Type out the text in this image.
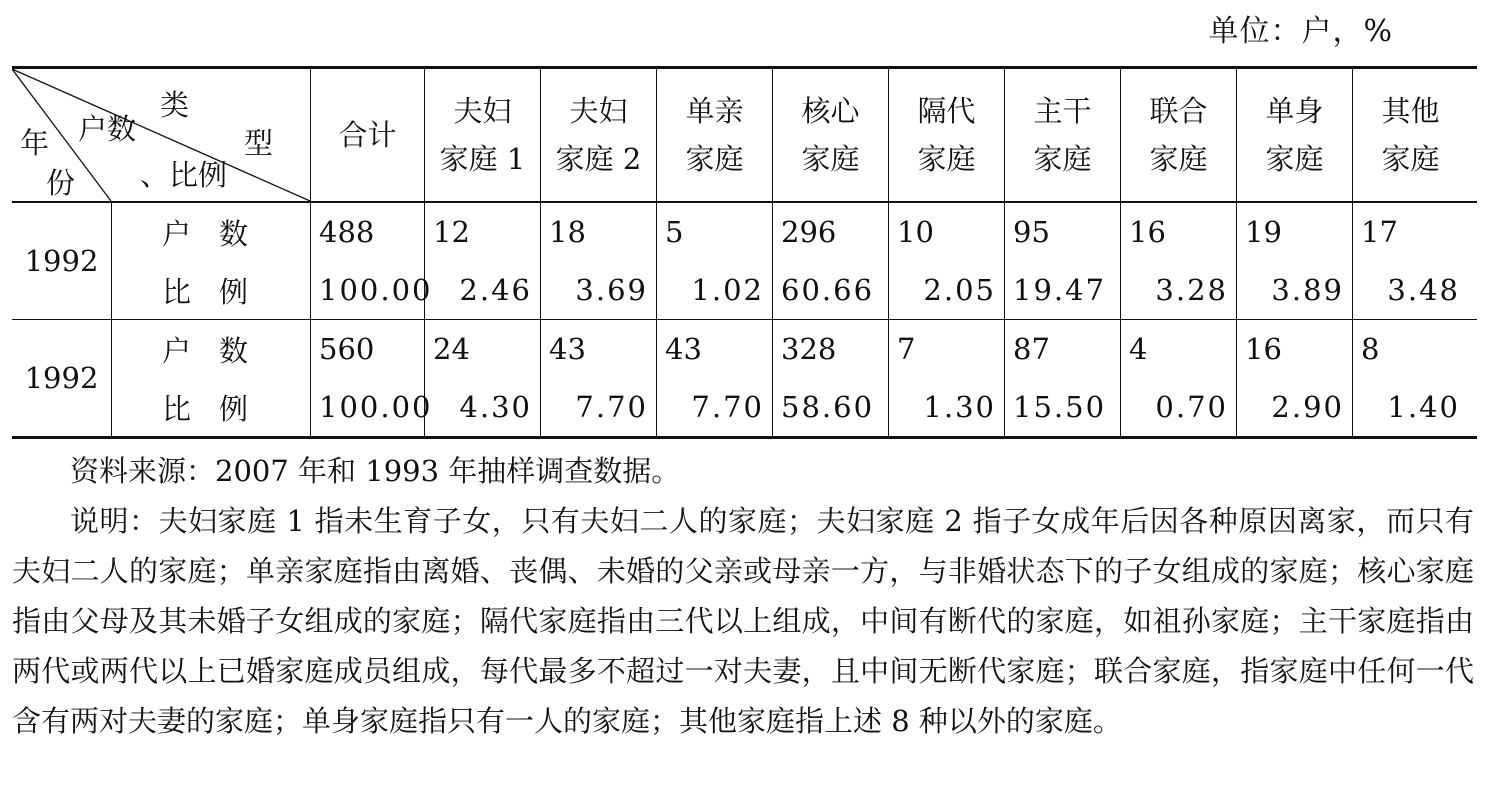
单位：户，%
类
型
户数
、比例
年
份
合计
夫妇
家庭 1
夫妇
家庭 2
单亲
家庭
核心
家庭
隔代
家庭
主干
家庭
联合
家庭
单身
家庭
其他
家庭
1992
户数
比例
488
100.00
12
2.46
18
3.69
5
1.02
296
60.66
10
2.05
95
19.47
16
3.28
19
3.89
17
3.48
1992
户数
比例
560
100.00
24
4.30
43
7.70
43
7.70
328
58.60
7
1.30
87
15.50
4
0.70
16
2.90
8
1.40

资料来源：2007 年和 1993 年抽样调查数据。

说明：夫妇家庭 1 指未生育子女，只有夫妇二人的家庭；夫妇家庭 2 指子女成年后因各种原因离家，而只有夫妇二人的家庭；单亲家庭指由离婚、丧偶、未婚的父亲或母亲一方，与非婚状态下的子女组成的家庭；核心家庭指由父母及其未婚子女组成的家庭；隔代家庭指由三代以上组成，中间有断代的家庭，如祖孙家庭；主干家庭指由两代或两代以上已婚家庭成员组成，每代最多不超过一对夫妻，且中间无断代家庭；联合家庭，指家庭中任何一代含有两对夫妻的家庭；单身家庭指只有一人的家庭；其他家庭指上述 8 种以外的家庭。
